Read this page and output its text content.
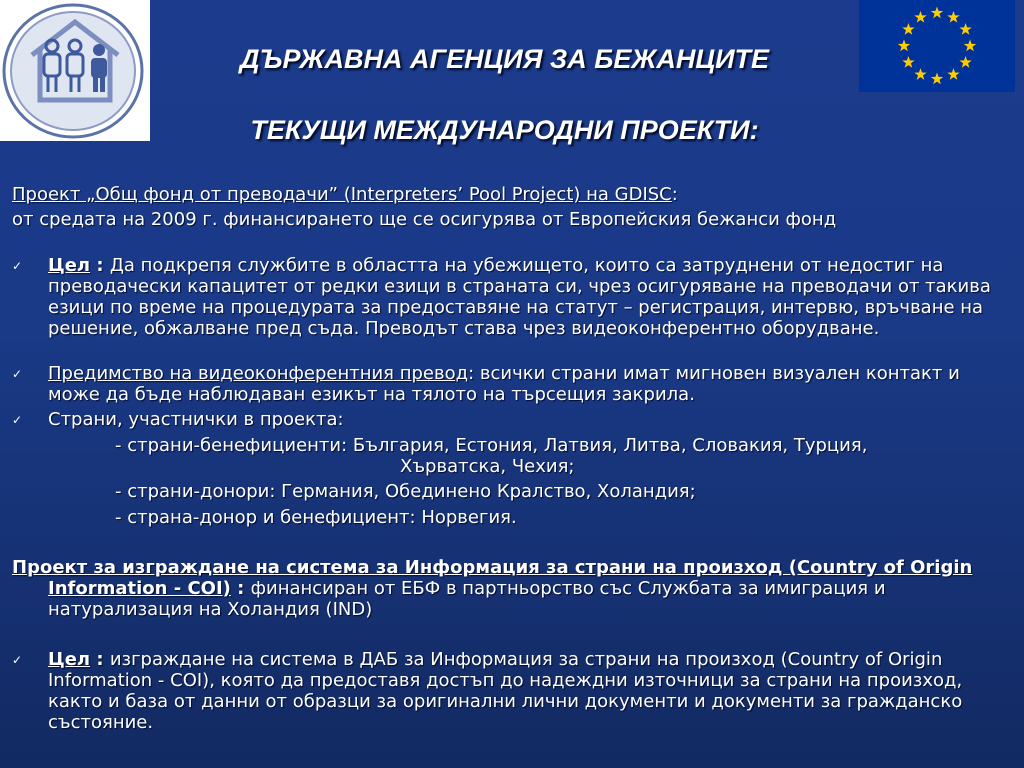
ДЪРЖАВНА АГЕНЦИЯ ЗА БЕЖАНЦИТЕ
ТЕКУЩИ МЕЖДУНАРОДНИ ПРОЕКТИ:

Проект „Общ фонд от преводачи” (Interpreters’ Pool Project) на GDISC:

от средата на 2009 г. финансирането ще се осигурява от Европейския бежанси фонд

✓ Цел : Да подкрепя службите в областта на убежището, които са затруднени от недостиг на преводачески капацитет от редки езици в страната си, чрез осигуряване на преводачи от такива езици по време на процедурата за предоставяне на статут – регистрация, интервю, връчване на решение, обжалване пред съда. Преводът става чрез видеоконферентно оборудване.

✓ Предимство на видеоконферентния превод: всички страни имат мигновен визуален контакт и може да бъде наблюдаван езикът на тялото на търсещия закрила.

✓ Страни, участнички в проекта:

- страни-бенефициенти: България, Естония, Латвия, Литва, Словакия, Турция,
Хърватска, Чехия;
- страни-донори: Германия, Обединено Кралство, Холандия;
- страна-донор и бенефициент: Норвегия.

Проект за изграждане на система за Информация за страни на произход (Country of Origin Information - COI) : финансиран от ЕБФ в партньорство със Службата за имиграция и натурализация на Холандия (IND)

✓ Цел : изграждане на система в ДАБ за Информация за страни на произход (Country of Origin Information - COI), която да предоставя достъп до надеждни източници за страни на произход, както и база от данни от образци за оригинални лични документи и документи за гражданско състояние.
